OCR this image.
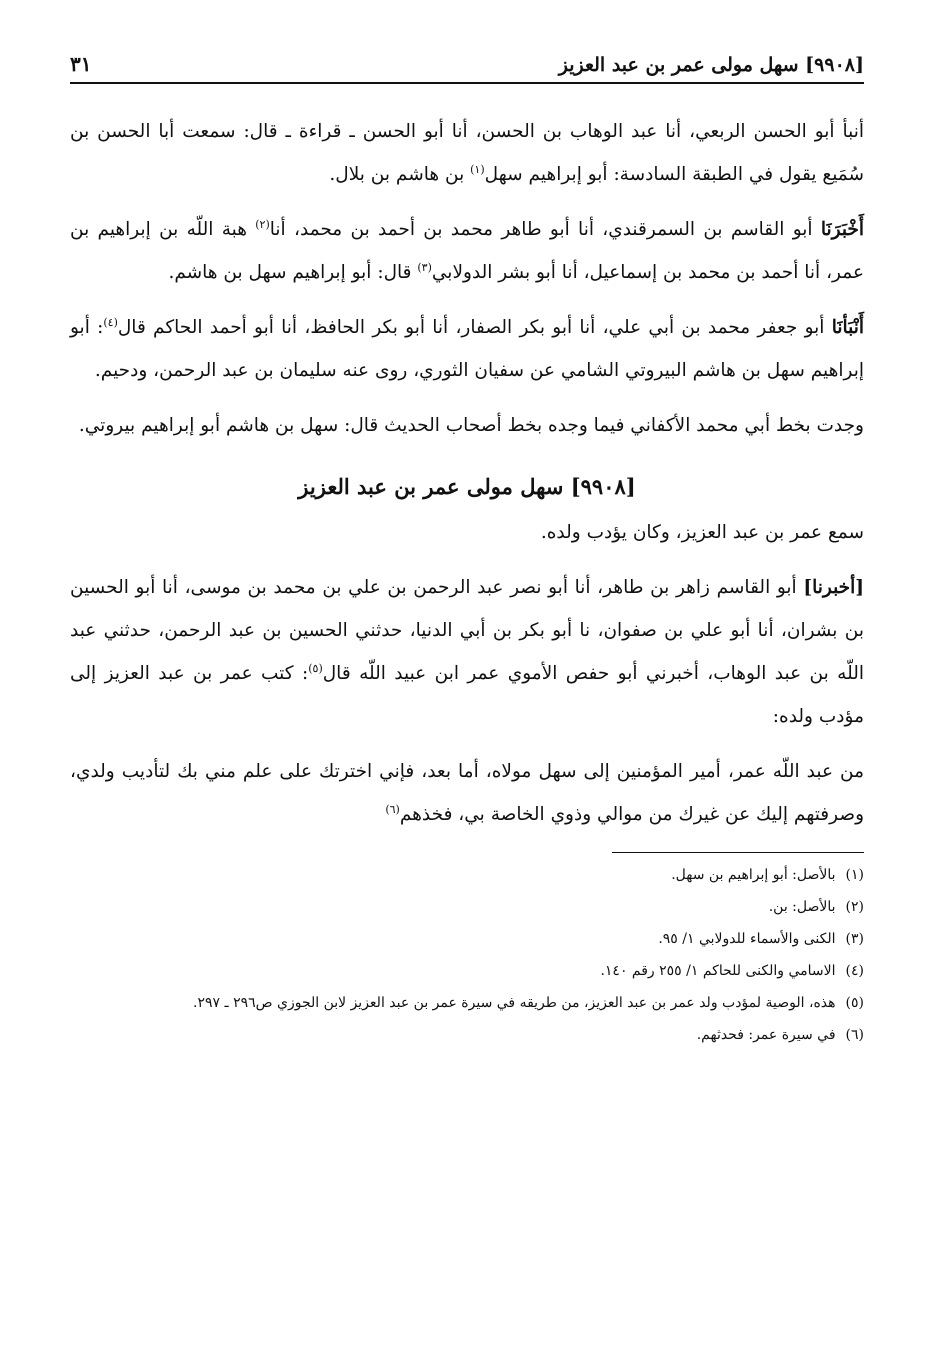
[٩٩٠٨] سهل مولى عمر بن عبد العزيز
٣١

أنبأ أبو الحسن الربعي، أنا عبد الوهاب بن الحسن، أنا أبو الحسن ـ قراءة ـ قال: سمعت أبا الحسن بن سُمَيع يقول في الطبقة السادسة: أبو إبراهيم سهل$^{(١)}$ بن هاشم بن بلال.

أَخْبَرَنَا أبو القاسم بن السمرقندي، أنا أبو طاهر محمد بن أحمد بن محمد، أنا$^{(٢)}$ هبة اللّه بن إبراهيم بن عمر، أنا أحمد بن محمد بن إسماعيل، أنا أبو بشر الدولابي$^{(٣)}$ قال: أبو إبراهيم سهل بن هاشم.

أَنْبَأنَا أبو جعفر محمد بن أبي علي، أنا أبو بكر الصفار، أنا أبو بكر الحافظ، أنا أبو أحمد الحاكم قال$^{(٤)}$: أبو إبراهيم سهل بن هاشم البيروتي الشامي عن سفيان الثوري، روى عنه سليمان بن عبد الرحمن، ودحيم.

وجدت بخط أبي محمد الأكفاني فيما وجده بخط أصحاب الحديث قال: سهل بن هاشم أبو إبراهيم بيروتي.

[٩٩٠٨] سهل مولى عمر بن عبد العزيز

سمع عمر بن عبد العزيز، وكان يؤدب ولده.

[أخبرنا] أبو القاسم زاهر بن طاهر، أنا أبو نصر عبد الرحمن بن علي بن محمد بن موسى، أنا أبو الحسين بن بشران، أنا أبو علي بن صفوان، نا أبو بكر بن أبي الدنيا، حدثني الحسين بن عبد الرحمن، حدثني عبد اللّه بن عبد الوهاب، أخبرني أبو حفص الأموي عمر ابن عبيد اللّه قال$^{(٥)}$: كتب عمر بن عبد العزيز إلى مؤدب ولده:

من عبد اللّه عمر، أمير المؤمنين إلى سهل مولاه، أما بعد، فإني اخترتك على علم مني بك لتأديب ولدي، وصرفتهم إليك عن غيرك من موالي وذوي الخاصة بي، فخذهم$^{(٦)}$

(١)
بالأصل: أبو إبراهيم بن سهل.
(٢)
بالأصل: بن.
(٣)
الكنى والأسماء للدولابي ١/ ٩٥.
(٤)
الاسامي والكنى للحاكم ١/ ٢٥٥ رقم ١٤٠.
(٥)
هذه، الوصية لمؤدب ولد عمر بن عبد العزيز، من طريقه في سيرة عمر بن عبد العزيز لابن الجوزي ص٢٩٦ ـ ٢٩٧.
(٦)
في سيرة عمر: فحدثهم.
